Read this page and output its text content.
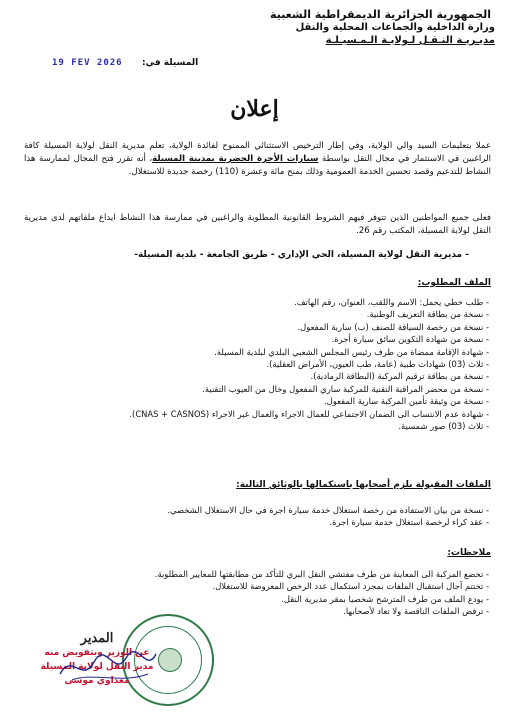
الجمهورية الجزائرية الديمقراطية الشعبية
وزارة الداخلية والجماعات المحلية والنقل
مديـريـة النـقـل لـولايـة الـمـسيـلـة
19 FEV 2026 المسيلة في:
إعلان
عملا بتعليمات السيد والي الولاية، وفي إطار الترخيص الاستثنائي الممنوح لفائدة الولاية، تعلم مديرية النقل لولاية المسيلة كافة الراغبين في الاستثمار في مجال النقل بواسطة سيارات الأجرة الحضرية بمدينة المسيلة، أنه تقرر فتح المجال لممارسة هذا النشاط للتدعيم وقصد تحسين الخدمة العمومية وذلك بمنح مائة وعشرة (110) رخصة جديدة للاستغلال.
فعلى جميع المواطنين الذين تتوفر فيهم الشروط القانونية المطلوبة والراغبين في ممارسة هذا النشاط ايداع ملفاتهم لدى مديرية النقل لولاية المسيلة، المكتب رقم 26.
- مديرية النقل لولاية المسيلة، الحي الإداري - طريق الجامعة - بلدية المسيلة-
الملف المطلوب:
- طلب خطي يحمل: الاسم واللقب، العنوان، رقم الهاتف.
- نسخة من بطاقة التعريف الوطنية.
- نسخة من رخصة السياقة للصنف (ب) سارية المفعول.
- نسخة من شهادة التكوين سائق سيارة أجرة.
- شهادة الإقامة ممضاة من طرف رئيس المجلس الشعبي البلدي لبلدية المسيلة.
- ثلاث (03) شهادات طبية (عامة، طب العيون، الأمراض العقلية).
- نسخة من بطاقة ترقيم المركبة (البطاقة الرمادية).
- نسخة من محضر المراقبة التقنية للمركبة ساري المفعول وخال من العيوب التقنية.
- نسخة من وثيقة تأمين المركبة سارية المفعول.
- شهادة عدم الانتساب الى الضمان الاجتماعي للعمال الاجراء والعمال غير الاجراء (CNAS + CASNOS).
- ثلاث (03) صور شمسية.
الملفات المقبولة يلزم أصحابها باستكمالها بالوثائق التالية:
- نسخة من بيان الاستفادة من رخصة استغلال خدمة سيارة اجرة في حال الاستغلال الشخصي.
- عقد كراء لرخصة استغلال خدمة سيارة اجرة.
ملاحظات:
- تخضع المركبة الى المعاينة من طرف مفتشي النقل البري للتأكد من مطابقتها للمعايير المطلوبة.
- تختتم آجال استقبال الملفات بمجرد استكمال عدد الرخص المعروضة للاستغلال.
- يودع الملف من طرف المترشح شخصيا بمقر مديرية النقل.
- ترفض الملفات الناقصة ولا تعاد لأصحابها.
المدير
عن الوزير وبتفويض منه
مدير النقل لولاية المسيلة
معداوي موسى
